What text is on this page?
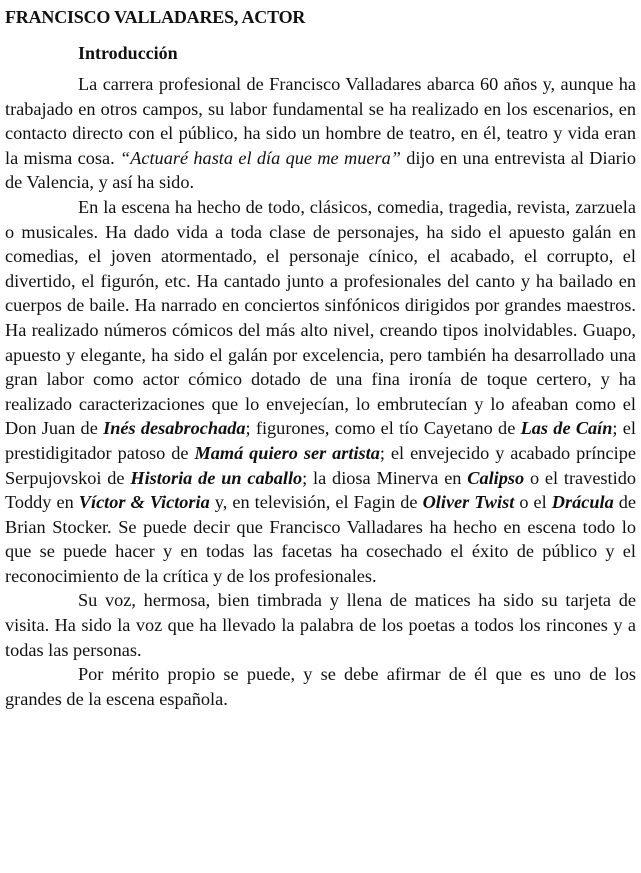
FRANCISCO VALLADARES, ACTOR
Introducción

La carrera profesional de Francisco Valladares abarca 60 años y, aunque ha trabajado en otros campos, su labor fundamental se ha realizado en los escenarios, en contacto directo con el público, ha sido un hombre de teatro, en él, teatro y vida eran la misma cosa. “Actuaré hasta el día que me muera” dijo en una entrevista al Diario de Valencia, y así ha sido.

En la escena ha hecho de todo, clásicos, comedia, tragedia, revista, zarzuela o musicales. Ha dado vida a toda clase de personajes, ha sido el apuesto galán en comedias, el joven atormentado, el personaje cínico, el acabado, el corrupto, el divertido, el figurón, etc. Ha cantado junto a profesionales del canto y ha bailado en cuerpos de baile. Ha narrado en conciertos sinfónicos dirigidos por grandes maestros. Ha realizado números cómicos del más alto nivel, creando tipos inolvidables. Guapo, apuesto y elegante, ha sido el galán por excelencia, pero también ha desarrollado una gran labor como actor cómico dotado de una fina ironía de toque certero, y ha realizado caracterizaciones que lo envejecían, lo embrutecían y lo afeaban como el Don Juan de Inés desabrochada; figurones, como el tío Cayetano de Las de Caín; el prestidigitador patoso de Mamá quiero ser artista; el envejecido y acabado príncipe Serpujovskoi de Historia de un caballo; la diosa Minerva en Calipso o el travestido Toddy en Víctor & Victoria y, en televisión, el Fagin de Oliver Twist o el Drácula de Brian Stocker. Se puede decir que Francisco Valladares ha hecho en escena todo lo que se puede hacer y en todas las facetas ha cosechado el éxito de público y el reconocimiento de la crítica y de los profesionales.

Su voz, hermosa, bien timbrada y llena de matices ha sido su tarjeta de visita. Ha sido la voz que ha llevado la palabra de los poetas a todos los rincones y a todas las personas.

Por mérito propio se puede, y se debe afirmar de él que es uno de los grandes de la escena española.
